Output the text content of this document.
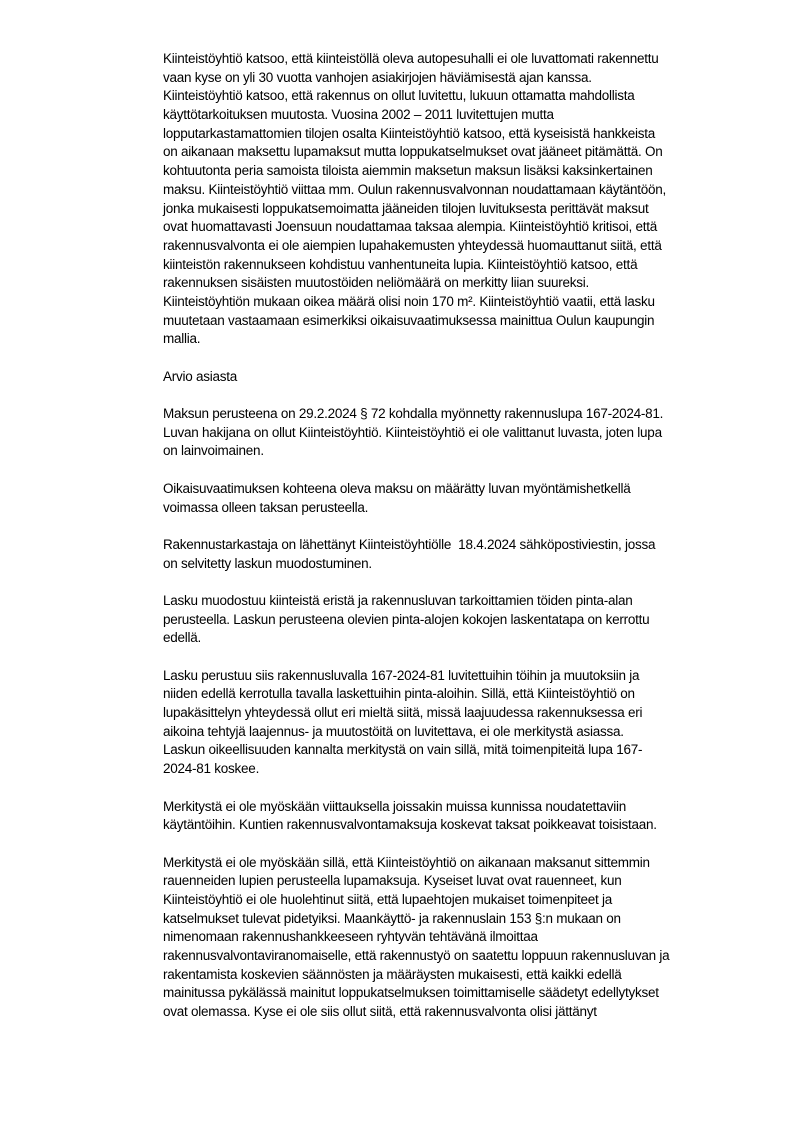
Kiinteistöyhtiö katsoo, että kiinteistöllä oleva autopesuhalli ei ole luvattomati rakennettu
vaan kyse on yli 30 vuotta vanhojen asiakirjojen häviämisestä ajan kanssa.
Kiinteistöyhtiö katsoo, että rakennus on ollut luvitettu, lukuun ottamatta mahdollista
käyttötarkoituksen muutosta. Vuosina 2002 – 2011 luvitettujen mutta
lopputarkastamattomien tilojen osalta Kiinteistöyhtiö katsoo, että kyseisistä hankkeista
on aikanaan maksettu lupamaksut mutta loppukatselmukset ovat jääneet pitämättä. On
kohtuutonta peria samoista tiloista aiemmin maksetun maksun lisäksi kaksinkertainen
maksu. Kiinteistöyhtiö viittaa mm. Oulun rakennusvalvonnan noudattamaan käytäntöön,
jonka mukaisesti loppukatsemoimatta jääneiden tilojen luvituksesta perittävät maksut
ovat huomattavasti Joensuun noudattamaa taksaa alempia. Kiinteistöyhtiö kritisoi, että
rakennusvalvonta ei ole aiempien lupahakemusten yhteydessä huomauttanut siitä, että
kiinteistön rakennukseen kohdistuu vanhentuneita lupia. Kiinteistöyhtiö katsoo, että
rakennuksen sisäisten muutostöiden neliömäärä on merkitty liian suureksi.
Kiinteistöyhtiön mukaan oikea määrä olisi noin 170 m². Kiinteistöyhtiö vaatii, että lasku
muutetaan vastaamaan esimerkiksi oikaisuvaatimuksessa mainittua Oulun kaupungin
mallia.
Arvio asiasta
Maksun perusteena on 29.2.2024 § 72 kohdalla myönnetty rakennuslupa 167-2024-81.
Luvan hakijana on ollut Kiinteistöyhtiö. Kiinteistöyhtiö ei ole valittanut luvasta, joten lupa
on lainvoimainen.
Oikaisuvaatimuksen kohteena oleva maksu on määrätty luvan myöntämishetkellä
voimassa olleen taksan perusteella.
Rakennustarkastaja on lähettänyt Kiinteistöyhtiölle  18.4.2024 sähköpostiviestin, jossa
on selvitetty laskun muodostuminen.
Lasku muodostuu kiinteistä eristä ja rakennusluvan tarkoittamien töiden pinta-alan
perusteella. Laskun perusteena olevien pinta-alojen kokojen laskentatapa on kerrottu
edellä.
Lasku perustuu siis rakennusluvalla 167-2024-81 luvitettuihin töihin ja muutoksiin ja
niiden edellä kerrotulla tavalla laskettuihin pinta-aloihin. Sillä, että Kiinteistöyhtiö on
lupakäsittelyn yhteydessä ollut eri mieltä siitä, missä laajuudessa rakennuksessa eri
aikoina tehtyjä laajennus- ja muutostöitä on luvitettava, ei ole merkitystä asiassa.
Laskun oikeellisuuden kannalta merkitystä on vain sillä, mitä toimenpiteitä lupa 167-
2024-81 koskee.
Merkitystä ei ole myöskään viittauksella joissakin muissa kunnissa noudatettaviin
käytäntöihin. Kuntien rakennusvalvontamaksuja koskevat taksat poikkeavat toisistaan.
Merkitystä ei ole myöskään sillä, että Kiinteistöyhtiö on aikanaan maksanut sittemmin
rauenneiden lupien perusteella lupamaksuja. Kyseiset luvat ovat rauenneet, kun
Kiinteistöyhtiö ei ole huolehtinut siitä, että lupaehtojen mukaiset toimenpiteet ja
katselmukset tulevat pidetyiksi. Maankäyttö- ja rakennuslain 153 §:n mukaan on
nimenomaan rakennushankkeeseen ryhtyvän tehtävänä ilmoittaa
rakennusvalvontaviranomaiselle, että rakennustyö on saatettu loppuun rakennusluvan ja
rakentamista koskevien säännösten ja määräysten mukaisesti, että kaikki edellä
mainitussa pykälässä mainitut loppukatselmuksen toimittamiselle säädetyt edellytykset
ovat olemassa. Kyse ei ole siis ollut siitä, että rakennusvalvonta olisi jättänyt
